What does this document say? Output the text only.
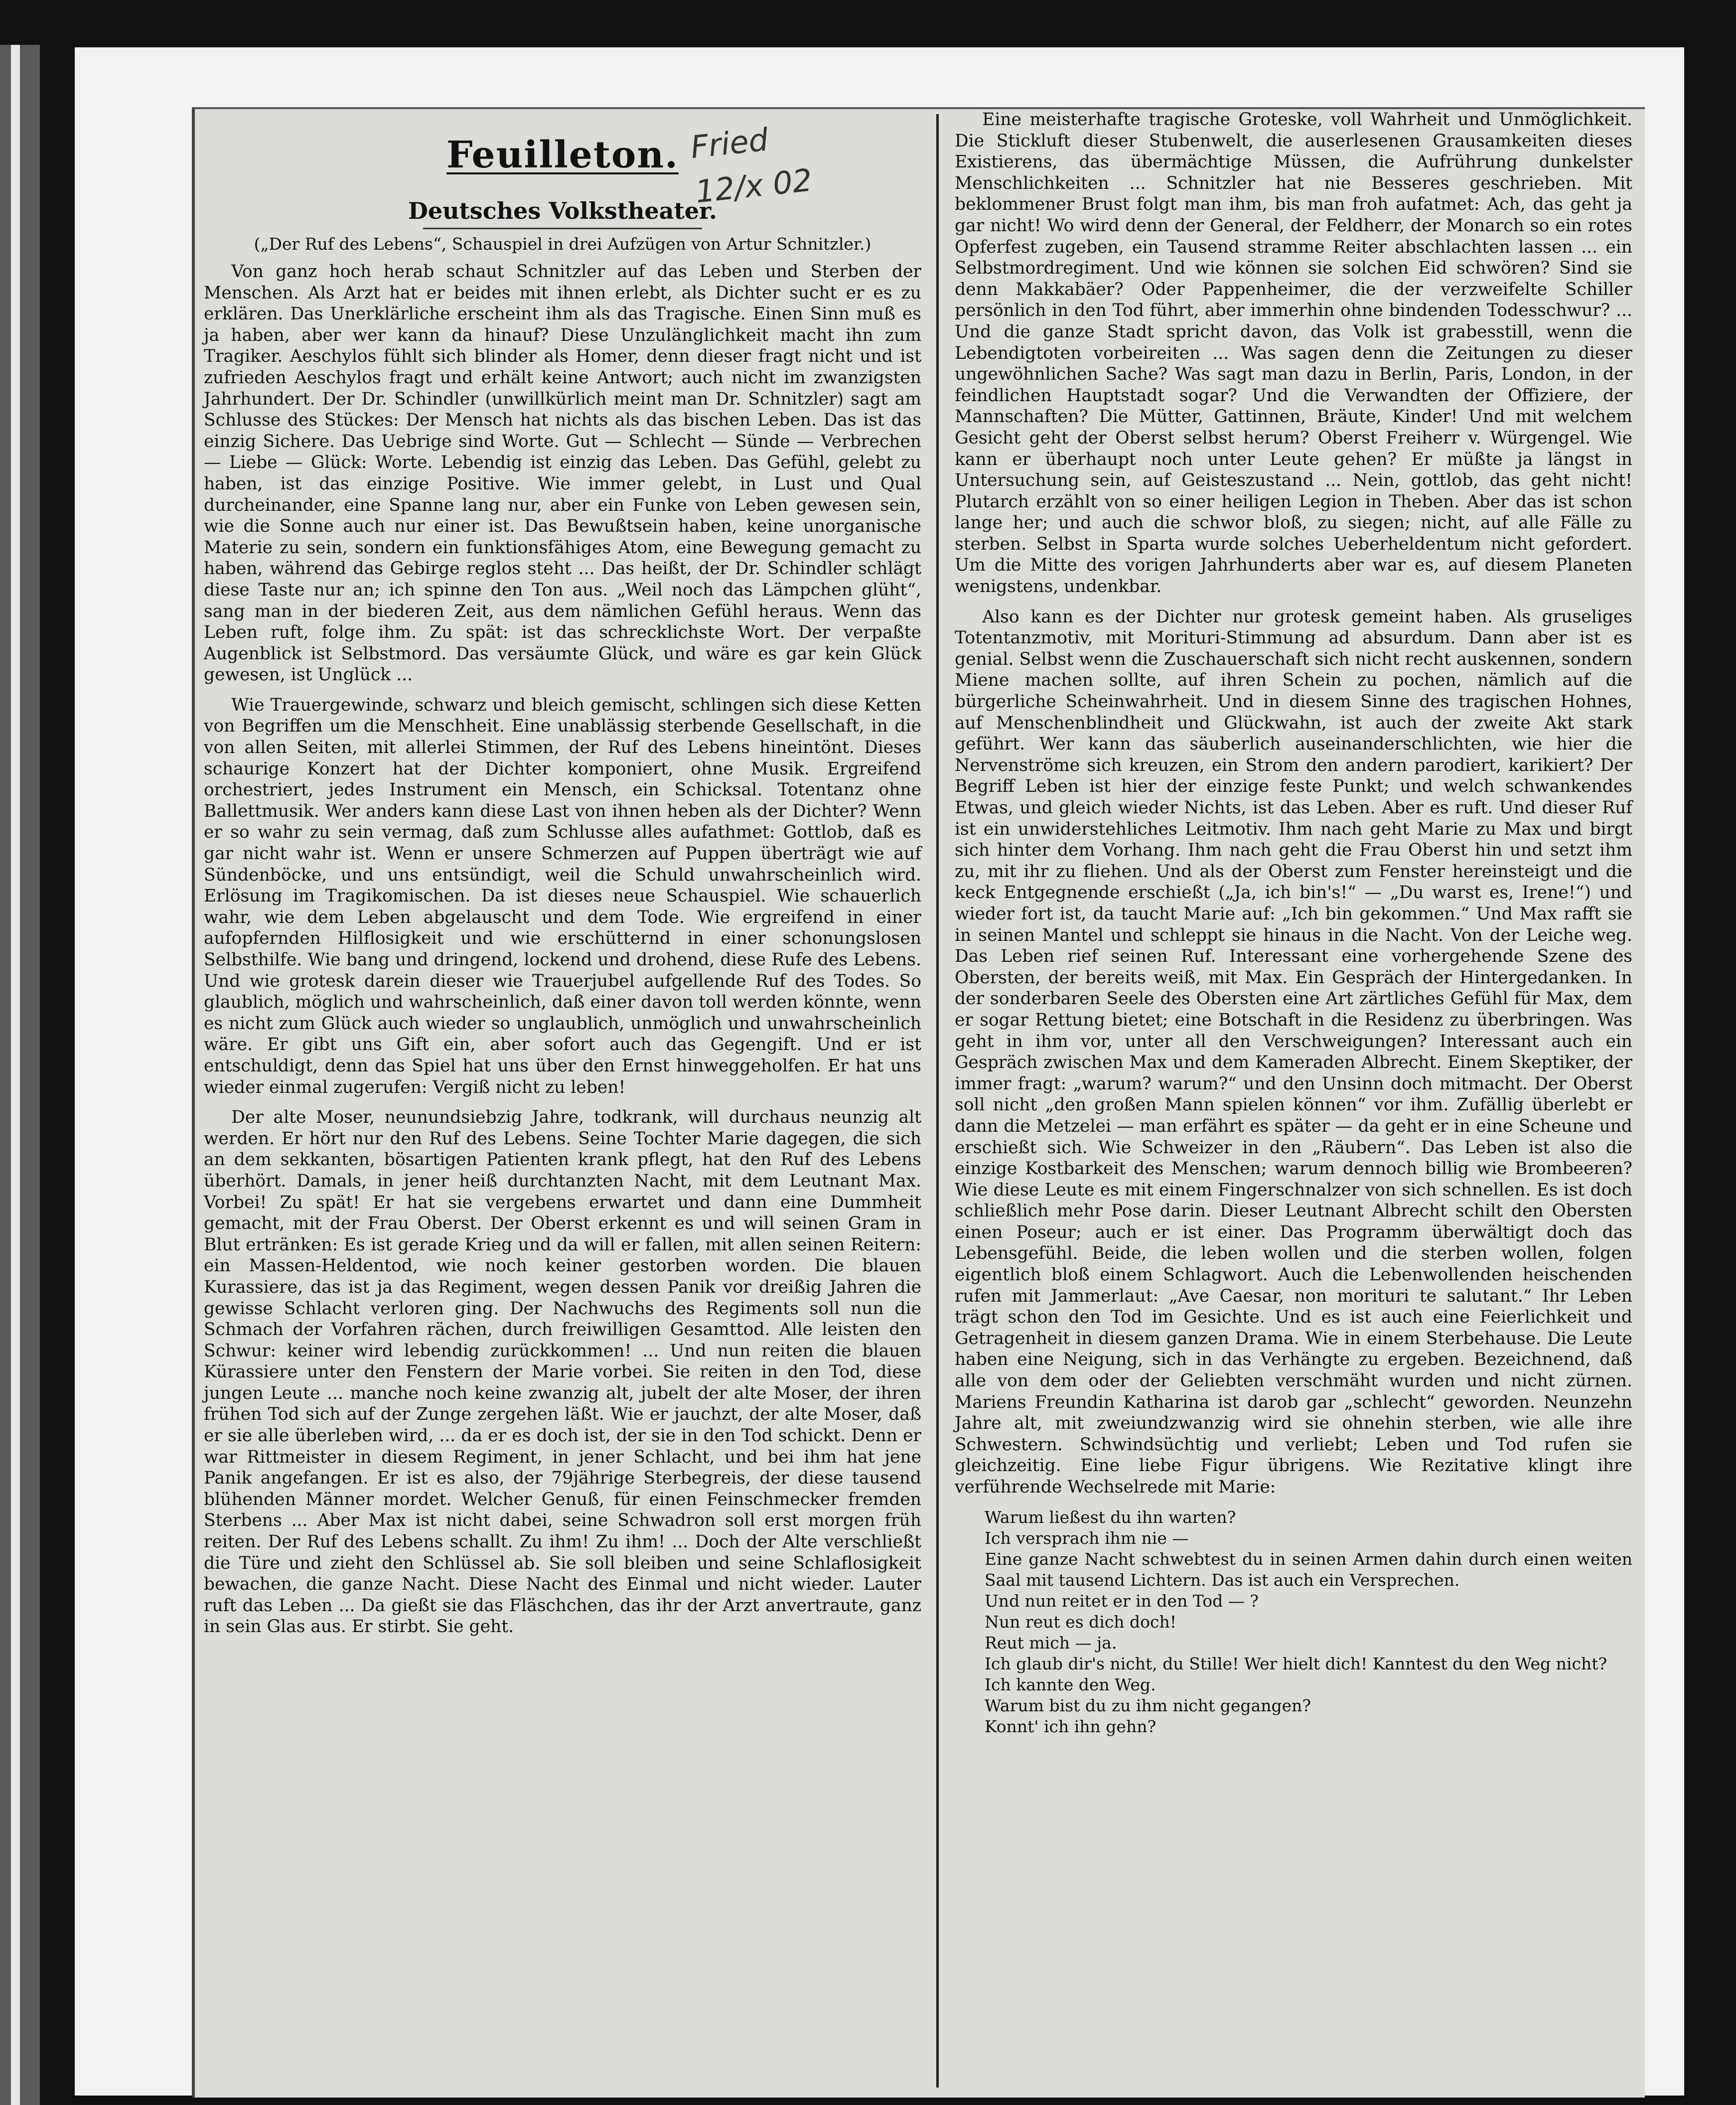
Fried
12/x 02
Feuilleton.
Deutsches Volkstheater.
(„Der Ruf des Lebens“, Schauspiel in drei Aufzügen von Artur Schnitzler.)

Von ganz hoch herab schaut Schnitzler auf das Leben und Sterben der Menschen. Als Arzt hat er beides mit ihnen erlebt, als Dichter sucht er es zu erklären. Das Unerklärliche erscheint ihm als das Tragische. Einen Sinn muß es ja haben, aber wer kann da hinauf? Diese Unzulänglichkeit macht ihn zum Tragiker. Aeschylos fühlt sich blinder als Homer, denn dieser fragt nicht und ist zufrieden Aeschylos fragt und erhält keine Antwort; auch nicht im zwanzigsten Jahrhundert. Der Dr. Schindler (unwillkürlich meint man Dr. Schnitzler) sagt am Schlusse des Stückes: Der Mensch hat nichts als das bischen Leben. Das ist das einzig Sichere. Das Uebrige sind Worte. Gut — Schlecht — Sünde — Verbrechen — Liebe — Glück: Worte. Lebendig ist einzig das Leben. Das Gefühl, gelebt zu haben, ist das einzige Positive. Wie immer gelebt, in Lust und Qual durcheinander, eine Spanne lang nur, aber ein Funke von Leben gewesen sein, wie die Sonne auch nur einer ist. Das Bewußtsein haben, keine unorganische Materie zu sein, sondern ein funktionsfähiges Atom, eine Bewegung gemacht zu haben, während das Gebirge reglos steht ... Das heißt, der Dr. Schindler schlägt diese Taste nur an; ich spinne den Ton aus. „Weil noch das Lämpchen glüht“, sang man in der biederen Zeit, aus dem nämlichen Gefühl heraus. Wenn das Leben ruft, folge ihm. Zu spät: ist das schrecklichste Wort. Der verpaßte Augenblick ist Selbstmord. Das versäumte Glück, und wäre es gar kein Glück gewesen, ist Unglück ...

Wie Trauergewinde, schwarz und bleich gemischt, schlingen sich diese Ketten von Begriffen um die Menschheit. Eine unablässig sterbende Gesellschaft, in die von allen Seiten, mit allerlei Stimmen, der Ruf des Lebens hineintönt. Dieses schaurige Konzert hat der Dichter komponiert, ohne Musik. Ergreifend orchestriert, jedes Instrument ein Mensch, ein Schicksal. Totentanz ohne Ballettmusik. Wer anders kann diese Last von ihnen heben als der Dichter? Wenn er so wahr zu sein vermag, daß zum Schlusse alles aufathmet: Gottlob, daß es gar nicht wahr ist. Wenn er unsere Schmerzen auf Puppen überträgt wie auf Sündenböcke, und uns entsündigt, weil die Schuld unwahrscheinlich wird. Erlösung im Tragikomischen. Da ist dieses neue Schauspiel. Wie schauerlich wahr, wie dem Leben abgelauscht und dem Tode. Wie ergreifend in einer aufopfernden Hilflosigkeit und wie erschütternd in einer schonungslosen Selbsthilfe. Wie bang und dringend, lockend und drohend, diese Rufe des Lebens. Und wie grotesk darein dieser wie Trauerjubel aufgellende Ruf des Todes. So glaublich, möglich und wahrscheinlich, daß einer davon toll werden könnte, wenn es nicht zum Glück auch wieder so unglaublich, unmöglich und unwahrscheinlich wäre. Er gibt uns Gift ein, aber sofort auch das Gegengift. Und er ist entschuldigt, denn das Spiel hat uns über den Ernst hinweggeholfen. Er hat uns wieder einmal zugerufen: Vergiß nicht zu leben!

Der alte Moser, neunundsiebzig Jahre, todkrank, will durchaus neunzig alt werden. Er hört nur den Ruf des Lebens. Seine Tochter Marie dagegen, die sich an dem sekkanten, bösartigen Patienten krank pflegt, hat den Ruf des Lebens überhört. Damals, in jener heiß durchtanzten Nacht, mit dem Leutnant Max. Vorbei! Zu spät! Er hat sie vergebens erwartet und dann eine Dummheit gemacht, mit der Frau Oberst. Der Oberst erkennt es und will seinen Gram in Blut ertränken: Es ist gerade Krieg und da will er fallen, mit allen seinen Reitern: ein Massen-Heldentod, wie noch keiner gestorben worden. Die blauen Kurassiere, das ist ja das Regiment, wegen dessen Panik vor dreißig Jahren die gewisse Schlacht verloren ging. Der Nachwuchs des Regiments soll nun die Schmach der Vorfahren rächen, durch freiwilligen Gesamttod. Alle leisten den Schwur: keiner wird lebendig zurückkommen! ... Und nun reiten die blauen Kürassiere unter den Fenstern der Marie vorbei. Sie reiten in den Tod, diese jungen Leute ... manche noch keine zwanzig alt, jubelt der alte Moser, der ihren frühen Tod sich auf der Zunge zergehen läßt. Wie er jauchzt, der alte Moser, daß er sie alle überleben wird, ... da er es doch ist, der sie in den Tod schickt. Denn er war Rittmeister in diesem Regiment, in jener Schlacht, und bei ihm hat jene Panik angefangen. Er ist es also, der 79jährige Sterbegreis, der diese tausend blühenden Männer mordet. Welcher Genuß, für einen Feinschmecker fremden Sterbens ... Aber Max ist nicht dabei, seine Schwadron soll erst morgen früh reiten. Der Ruf des Lebens schallt. Zu ihm! Zu ihm! ... Doch der Alte verschließt die Türe und zieht den Schlüssel ab. Sie soll bleiben und seine Schlaflosigkeit bewachen, die ganze Nacht. Diese Nacht des Einmal und nicht wieder. Lauter ruft das Leben ... Da gießt sie das Fläschchen, das ihr der Arzt anvertraute, ganz in sein Glas aus. Er stirbt. Sie geht.

Eine meisterhafte tragische Groteske, voll Wahrheit und Unmöglichkeit. Die Stickluft dieser Stubenwelt, die auserlesenen Grausamkeiten dieses Existierens, das übermächtige Müssen, die Aufrührung dunkelster Menschlichkeiten ... Schnitzler hat nie Besseres geschrieben. Mit beklommener Brust folgt man ihm, bis man froh aufatmet: Ach, das geht ja gar nicht! Wo wird denn der General, der Feldherr, der Monarch so ein rotes Opferfest zugeben, ein Tausend stramme Reiter abschlachten lassen ... ein Selbstmordregiment. Und wie können sie solchen Eid schwören? Sind sie denn Makkabäer? Oder Pappenheimer, die der verzweifelte Schiller persönlich in den Tod führt, aber immerhin ohne bindenden Todesschwur? ... Und die ganze Stadt spricht davon, das Volk ist grabesstill, wenn die Lebendigtoten vorbeireiten ... Was sagen denn die Zeitungen zu dieser ungewöhnlichen Sache? Was sagt man dazu in Berlin, Paris, London, in der feindlichen Hauptstadt sogar? Und die Verwandten der Offiziere, der Mannschaften? Die Mütter, Gattinnen, Bräute, Kinder! Und mit welchem Gesicht geht der Oberst selbst herum? Oberst Freiherr v. Würgengel. Wie kann er überhaupt noch unter Leute gehen? Er müßte ja längst in Untersuchung sein, auf Geisteszustand ... Nein, gottlob, das geht nicht! Plutarch erzählt von so einer heiligen Legion in Theben. Aber das ist schon lange her; und auch die schwor bloß, zu siegen; nicht, auf alle Fälle zu sterben. Selbst in Sparta wurde solches Ueberheldentum nicht gefordert. Um die Mitte des vorigen Jahrhunderts aber war es, auf diesem Planeten wenigstens, undenkbar.

Also kann es der Dichter nur grotesk gemeint haben. Als gruseliges Totentanzmotiv, mit Morituri-Stimmung ad absurdum. Dann aber ist es genial. Selbst wenn die Zuschauerschaft sich nicht recht auskennen, sondern Miene machen sollte, auf ihren Schein zu pochen, nämlich auf die bürgerliche Scheinwahrheit. Und in diesem Sinne des tragischen Hohnes, auf Menschenblindheit und Glückwahn, ist auch der zweite Akt stark geführt. Wer kann das säuberlich auseinanderschlichten, wie hier die Nervenströme sich kreuzen, ein Strom den andern parodiert, karikiert? Der Begriff Leben ist hier der einzige feste Punkt; und welch schwankendes Etwas, und gleich wieder Nichts, ist das Leben. Aber es ruft. Und dieser Ruf ist ein unwiderstehliches Leitmotiv. Ihm nach geht Marie zu Max und birgt sich hinter dem Vorhang. Ihm nach geht die Frau Oberst hin und setzt ihm zu, mit ihr zu fliehen. Und als der Oberst zum Fenster hereinsteigt und die keck Entgegnende erschießt („Ja, ich bin's!“ — „Du warst es, Irene!“) und wieder fort ist, da taucht Marie auf: „Ich bin gekommen.“ Und Max rafft sie in seinen Mantel und schleppt sie hinaus in die Nacht. Von der Leiche weg. Das Leben rief seinen Ruf. Interessant eine vorhergehende Szene des Obersten, der bereits weiß, mit Max. Ein Gespräch der Hintergedanken. In der sonderbaren Seele des Obersten eine Art zärtliches Gefühl für Max, dem er sogar Rettung bietet; eine Botschaft in die Residenz zu überbringen. Was geht in ihm vor, unter all den Verschweigungen? Interessant auch ein Gespräch zwischen Max und dem Kameraden Albrecht. Einem Skeptiker, der immer fragt: „warum? warum?“ und den Unsinn doch mitmacht. Der Oberst soll nicht „den großen Mann spielen können“ vor ihm. Zufällig überlebt er dann die Metzelei — man erfährt es später — da geht er in eine Scheune und erschießt sich. Wie Schweizer in den „Räubern“. Das Leben ist also die einzige Kostbarkeit des Menschen; warum dennoch billig wie Brombeeren? Wie diese Leute es mit einem Fingerschnalzer von sich schnellen. Es ist doch schließlich mehr Pose darin. Dieser Leutnant Albrecht schilt den Obersten einen Poseur; auch er ist einer. Das Programm überwältigt doch das Lebensgefühl. Beide, die leben wollen und die sterben wollen, folgen eigentlich bloß einem Schlagwort. Auch die Lebenwollenden heischenden rufen mit Jammerlaut: „Ave Caesar, non morituri te salutant.“ Ihr Leben trägt schon den Tod im Gesichte. Und es ist auch eine Feierlichkeit und Getragenheit in diesem ganzen Drama. Wie in einem Sterbehause. Die Leute haben eine Neigung, sich in das Verhängte zu ergeben. Bezeichnend, daß alle von dem oder der Geliebten verschmäht wurden und nicht zürnen. Mariens Freundin Katharina ist darob gar „schlecht“ geworden. Neunzehn Jahre alt, mit zweiundzwanzig wird sie ohnehin sterben, wie alle ihre Schwestern. Schwindsüchtig und verliebt; Leben und Tod rufen sie gleichzeitig. Eine liebe Figur übrigens. Wie Rezitative klingt ihre verführende Wechselrede mit Marie:

Warum ließest du ihn warten?
Ich versprach ihm nie —
Eine ganze Nacht schwebtest du in seinen Armen dahin durch einen weiten Saal mit tausend Lichtern. Das ist auch ein Versprechen.
Und nun reitet er in den Tod — ?
Nun reut es dich doch!
Reut mich — ja.
Ich glaub dir's nicht, du Stille! Wer hielt dich! Kanntest du den Weg nicht?
Ich kannte den Weg.
Warum bist du zu ihm nicht gegangen?
Konnt' ich ihn gehn?
